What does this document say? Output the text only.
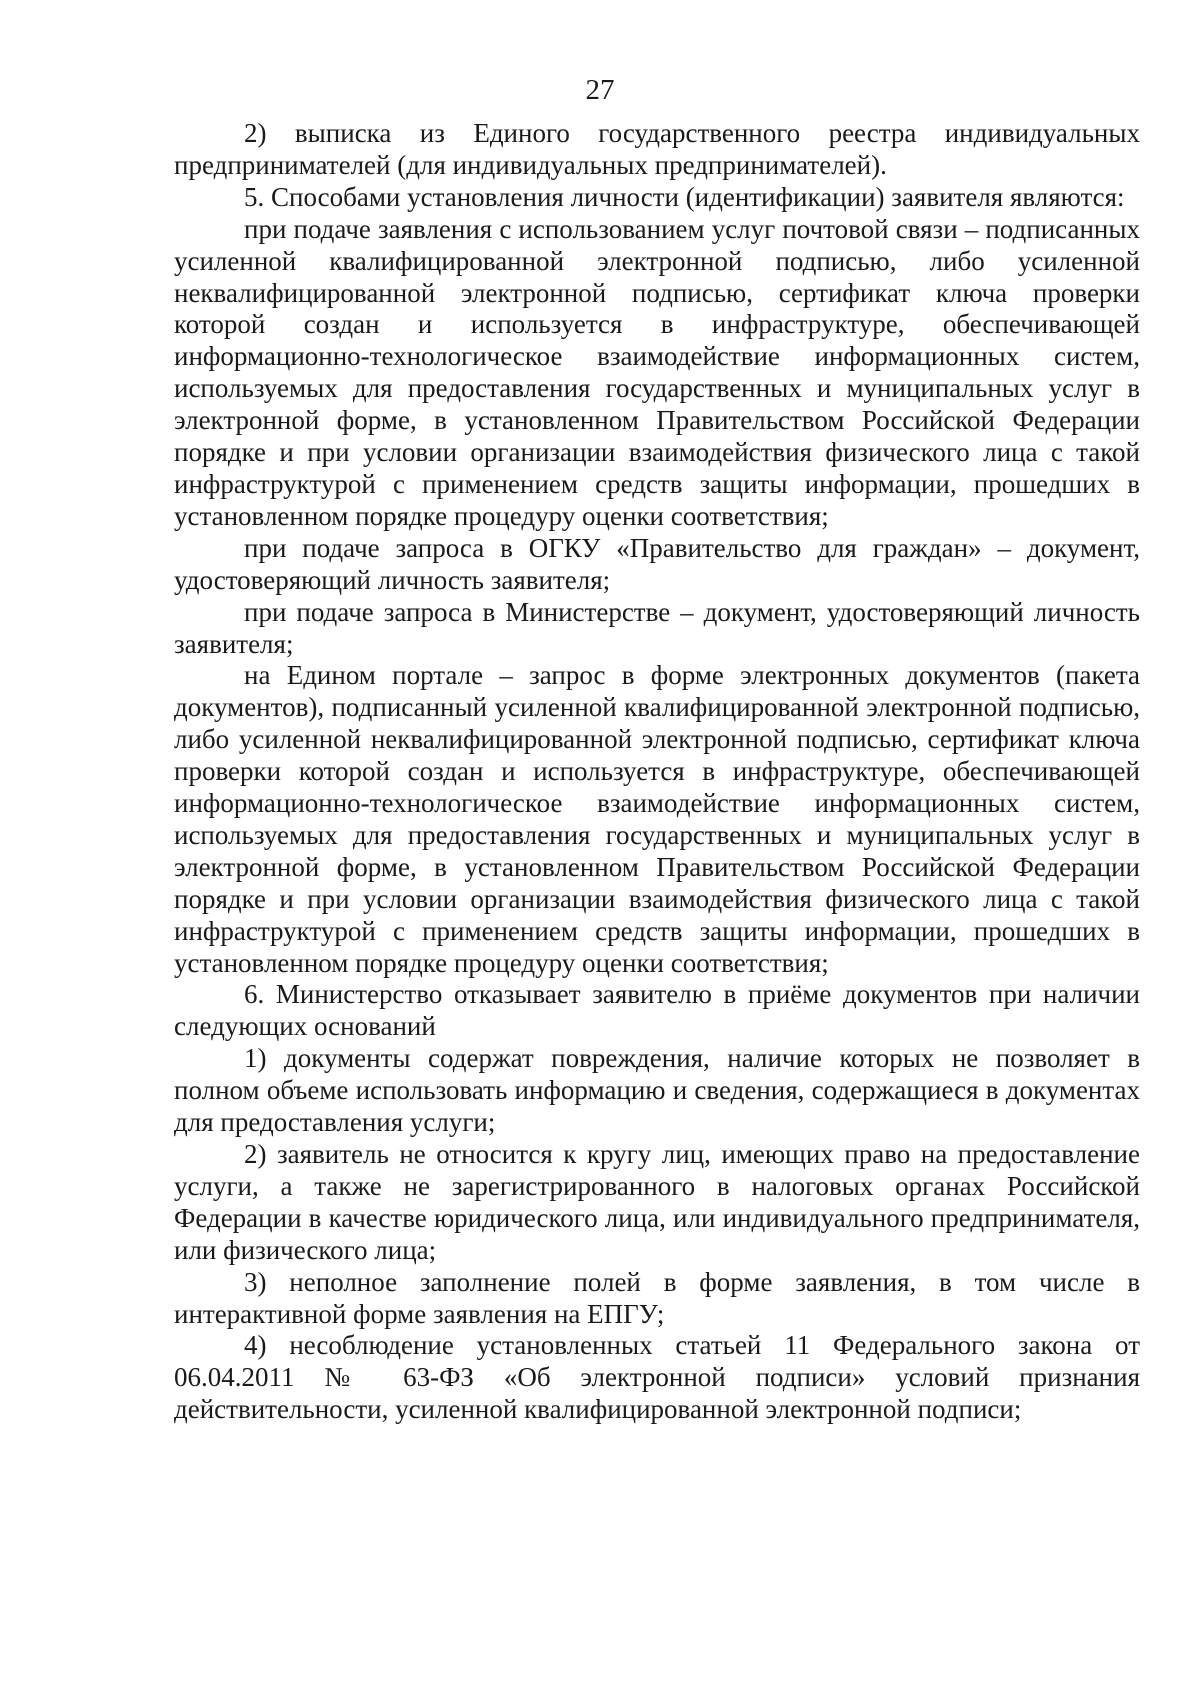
27

2) выписка из Единого государственного реестра индивидуальных предпринимателей (для индивидуальных предпринимателей).

5. Способами установления личности (идентификации) заявителя являются:

при подаче заявления с использованием услуг почтовой связи – подписанных усиленной квалифицированной электронной подписью, либо усиленной неквалифицированной электронной подписью, сертификат ключа проверки которой создан и используется в инфраструктуре, обеспечивающей информационно-технологическое взаимодействие информационных систем, используемых для предоставления государственных и муниципальных услуг в электронной форме, в установленном Правительством Российской Федерации порядке и при условии организации взаимодействия физического лица с такой инфраструктурой с применением средств защиты информации, прошедших в установленном порядке процедуру оценки соответствия;

при подаче запроса в ОГКУ «Правительство для граждан» – документ, удостоверяющий личность заявителя;

при подаче запроса в Министерстве – документ, удостоверяющий личность заявителя;

на Едином портале – запрос в форме электронных документов (пакета документов), подписанный усиленной квалифицированной электронной подписью, либо усиленной неквалифицированной электронной подписью, сертификат ключа проверки которой создан и используется в инфраструктуре, обеспечивающей информационно-технологическое взаимодействие информационных систем, используемых для предоставления государственных и муниципальных услуг в электронной форме, в установленном Правительством Российской Федерации порядке и при условии организации взаимодействия физического лица с такой инфраструктурой с применением средств защиты информации, прошедших в установленном порядке процедуру оценки соответствия;

6. Министерство отказывает заявителю в приёме документов при наличии следующих оснований

1) документы содержат повреждения, наличие которых не позволяет в полном объеме использовать информацию и сведения, содержащиеся в документах для предоставления услуги;

2) заявитель не относится к кругу лиц, имеющих право на предоставление услуги, а также не зарегистрированного в налоговых органах Российской Федерации в качестве юридического лица, или индивидуального предпринимателя, или физического лица;

3) неполное заполнение полей в форме заявления, в том числе в интерактивной форме заявления на ЕПГУ;

4) несоблюдение установленных статьей 11 Федерального закона от 06.04.2011 № 63-ФЗ «Об электронной подписи» условий признания действительности, усиленной квалифицированной электронной подписи;
